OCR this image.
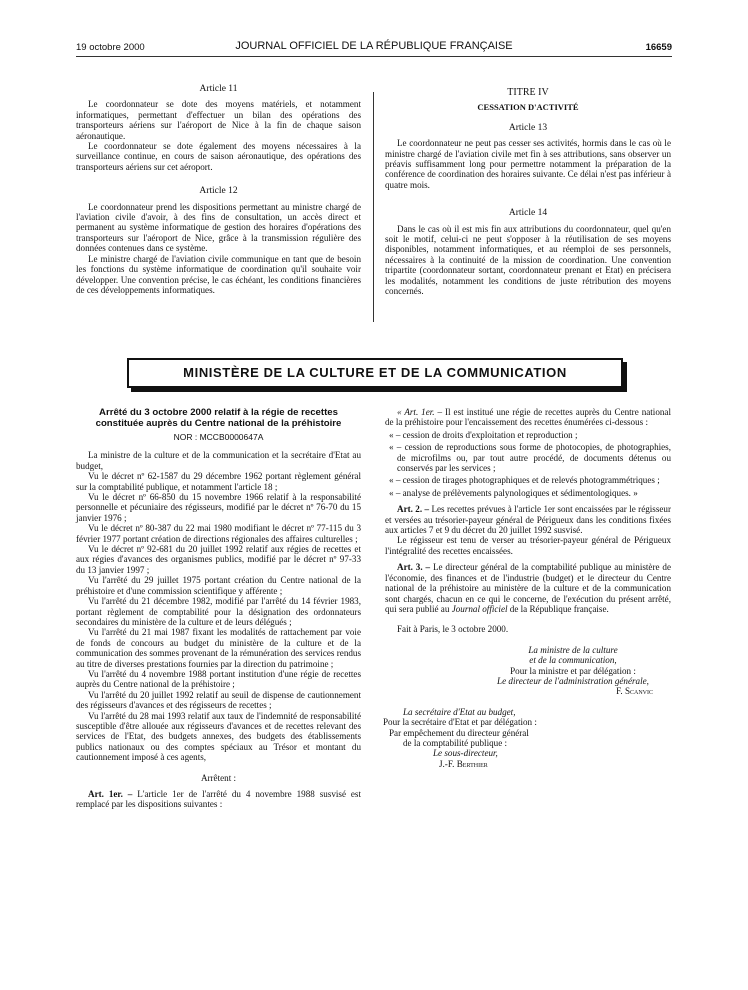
19 octobre 2000	JOURNAL OFFICIEL DE LA RÉPUBLIQUE FRANÇAISE	16659

Article 11

Le coordonnateur se dote des moyens matériels, et notamment informatiques, permettant d'effectuer un bilan des opérations des transporteurs aériens sur l'aéroport de Nice à la fin de chaque saison aéronautique.

Le coordonnateur se dote également des moyens nécessaires à la surveillance continue, en cours de saison aéronautique, des opérations des transporteurs aériens sur cet aéroport.

Article 12

Le coordonnateur prend les dispositions permettant au ministre chargé de l'aviation civile d'avoir, à des fins de consultation, un accès direct et permanent au système informatique de gestion des horaires d'opérations des transporteurs sur l'aéroport de Nice, grâce à la transmission régulière des données contenues dans ce système.

Le ministre chargé de l'aviation civile communique en tant que de besoin les fonctions du système informatique de coordination qu'il souhaite voir développer. Une convention précise, le cas échéant, les conditions financières de ces développements informatiques.

TITRE IV

CESSATION D'ACTIVITÉ

Article 13

Le coordonnateur ne peut pas cesser ses activités, hormis dans le cas où le ministre chargé de l'aviation civile met fin à ses attributions, sans observer un préavis suffisamment long pour permettre notamment la préparation de la conférence de coordination des horaires suivante. Ce délai n'est pas inférieur à quatre mois.

Article 14

Dans le cas où il est mis fin aux attributions du coordonnateur, quel qu'en soit le motif, celui-ci ne peut s'opposer à la réutilisation de ses moyens disponibles, notamment informatiques, et au réemploi de ses personnels, nécessaires à la continuité de la mission de coordination. Une convention tripartite (coordonnateur sortant, coordonnateur prenant et Etat) en précisera les modalités, notamment les conditions de juste rétribution des moyens concernés.

MINISTÈRE DE LA CULTURE ET DE LA COMMUNICATION

Arrêté du 3 octobre 2000 relatif à la régie de recettes constituée auprès du Centre national de la préhistoire

NOR : MCCB0000647A

La ministre de la culture et de la communication et la secrétaire d'Etat au budget,

Vu le décret nº 62-1587 du 29 décembre 1962 portant règlement général sur la comptabilité publique, et notamment l'article 18 ;

Vu le décret nº 66-850 du 15 novembre 1966 relatif à la responsabilité personnelle et pécuniaire des régisseurs, modifié par le décret nº 76-70 du 15 janvier 1976 ;

Vu le décret nº 80-387 du 22 mai 1980 modifiant le décret nº 77-115 du 3 février 1977 portant création de directions régionales des affaires culturelles ;

Vu le décret nº 92-681 du 20 juillet 1992 relatif aux régies de recettes et aux régies d'avances des organismes publics, modifié par le décret nº 97-33 du 13 janvier 1997 ;

Vu l'arrêté du 29 juillet 1975 portant création du Centre national de la préhistoire et d'une commission scientifique y afférente ;

Vu l'arrêté du 21 décembre 1982, modifié par l'arrêté du 14 février 1983, portant règlement de comptabilité pour la désignation des ordonnateurs secondaires du ministère de la culture et de leurs délégués ;

Vu l'arrêté du 21 mai 1987 fixant les modalités de rattachement par voie de fonds de concours au budget du ministère de la culture et de la communication des sommes provenant de la rémunération des services rendus au titre de diverses prestations fournies par la direction du patrimoine ;

Vu l'arrêté du 4 novembre 1988 portant institution d'une régie de recettes auprès du Centre national de la préhistoire ;

Vu l'arrêté du 20 juillet 1992 relatif au seuil de dispense de cautionnement des régisseurs d'avances et des régisseurs de recettes ;

Vu l'arrêté du 28 mai 1993 relatif aux taux de l'indemnité de responsabilité susceptible d'être allouée aux régisseurs d'avances et de recettes relevant des services de l'Etat, des budgets annexes, des budgets des établissements publics nationaux ou des comptes spéciaux au Trésor et montant du cautionnement imposé à ces agents,

Arrêtent :

Art. 1er. – L'article 1er de l'arrêté du 4 novembre 1988 susvisé est remplacé par les dispositions suivantes :

« Art. 1er. – Il est institué une régie de recettes auprès du Centre national de la préhistoire pour l'encaissement des recettes énumérées ci-dessous :

« – cession de droits d'exploitation et reproduction ;

« – cession de reproductions sous forme de photocopies, de photographies, de microfilms ou, par tout autre procédé, de documents détenus ou conservés par les services ;

« – cession de tirages photographiques et de relevés photogrammétriques ;

« – analyse de prélèvements palynologiques et sédimentologiques. »

Art. 2. – Les recettes prévues à l'article 1er sont encaissées par le régisseur et versées au trésorier-payeur général de Périgueux dans les conditions fixées aux articles 7 et 9 du décret du 20 juillet 1992 susvisé.

Le régisseur est tenu de verser au trésorier-payeur général de Périgueux l'intégralité des recettes encaissées.

Art. 3. – Le directeur général de la comptabilité publique au ministère de l'économie, des finances et de l'industrie (budget) et le directeur du Centre national de la préhistoire au ministère de la culture et de la communication sont chargés, chacun en ce qui le concerne, de l'exécution du présent arrêté, qui sera publié au Journal officiel de la République française.

Fait à Paris, le 3 octobre 2000.

La ministre de la culture

et de la communication,

Pour la ministre et par délégation :

Le directeur de l'administration générale,

F. Scanvic

La secrétaire d'Etat au budget,

Pour la secrétaire d'Etat et par délégation :

Par empêchement du directeur général

de la comptabilité publique :

Le sous-directeur,

J.-F. Berthier
